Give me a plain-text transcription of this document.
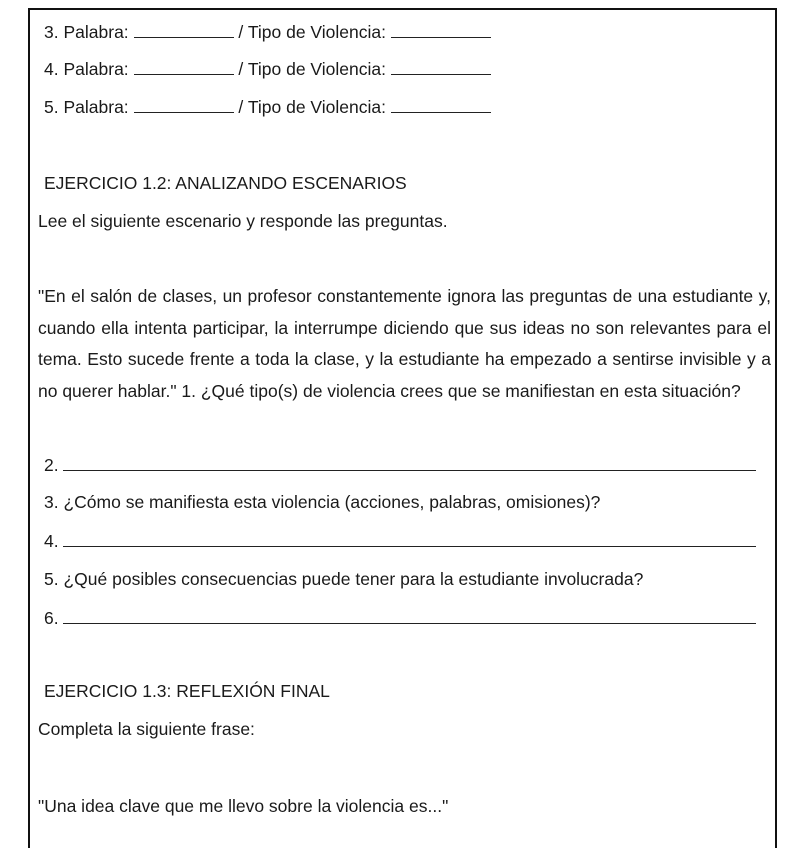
3. Palabra:	/ Tipo de Violencia:
4. Palabra:	/ Tipo de Violencia:
5. Palabra:	/ Tipo de Violencia:
EJERCICIO 1.2: ANALIZANDO ESCENARIOS
Lee el siguiente escenario y responde las preguntas.
"En el salón de clases, un profesor constantemente ignora las preguntas de una estudiante y, cuando ella intenta participar, la interrumpe diciendo que sus ideas no son relevantes para el tema. Esto sucede frente a toda la clase, y la estudiante ha empezado a sentirse invisible y a no querer hablar." 1. ¿Qué tipo(s) de violencia crees que se manifiestan en esta situación?
2.
3. ¿Cómo se manifiesta esta violencia (acciones, palabras, omisiones)?
4.
5. ¿Qué posibles consecuencias puede tener para la estudiante involucrada?
6.
EJERCICIO 1.3: REFLEXIÓN FINAL
Completa la siguiente frase:
"Una idea clave que me llevo sobre la violencia es..."
